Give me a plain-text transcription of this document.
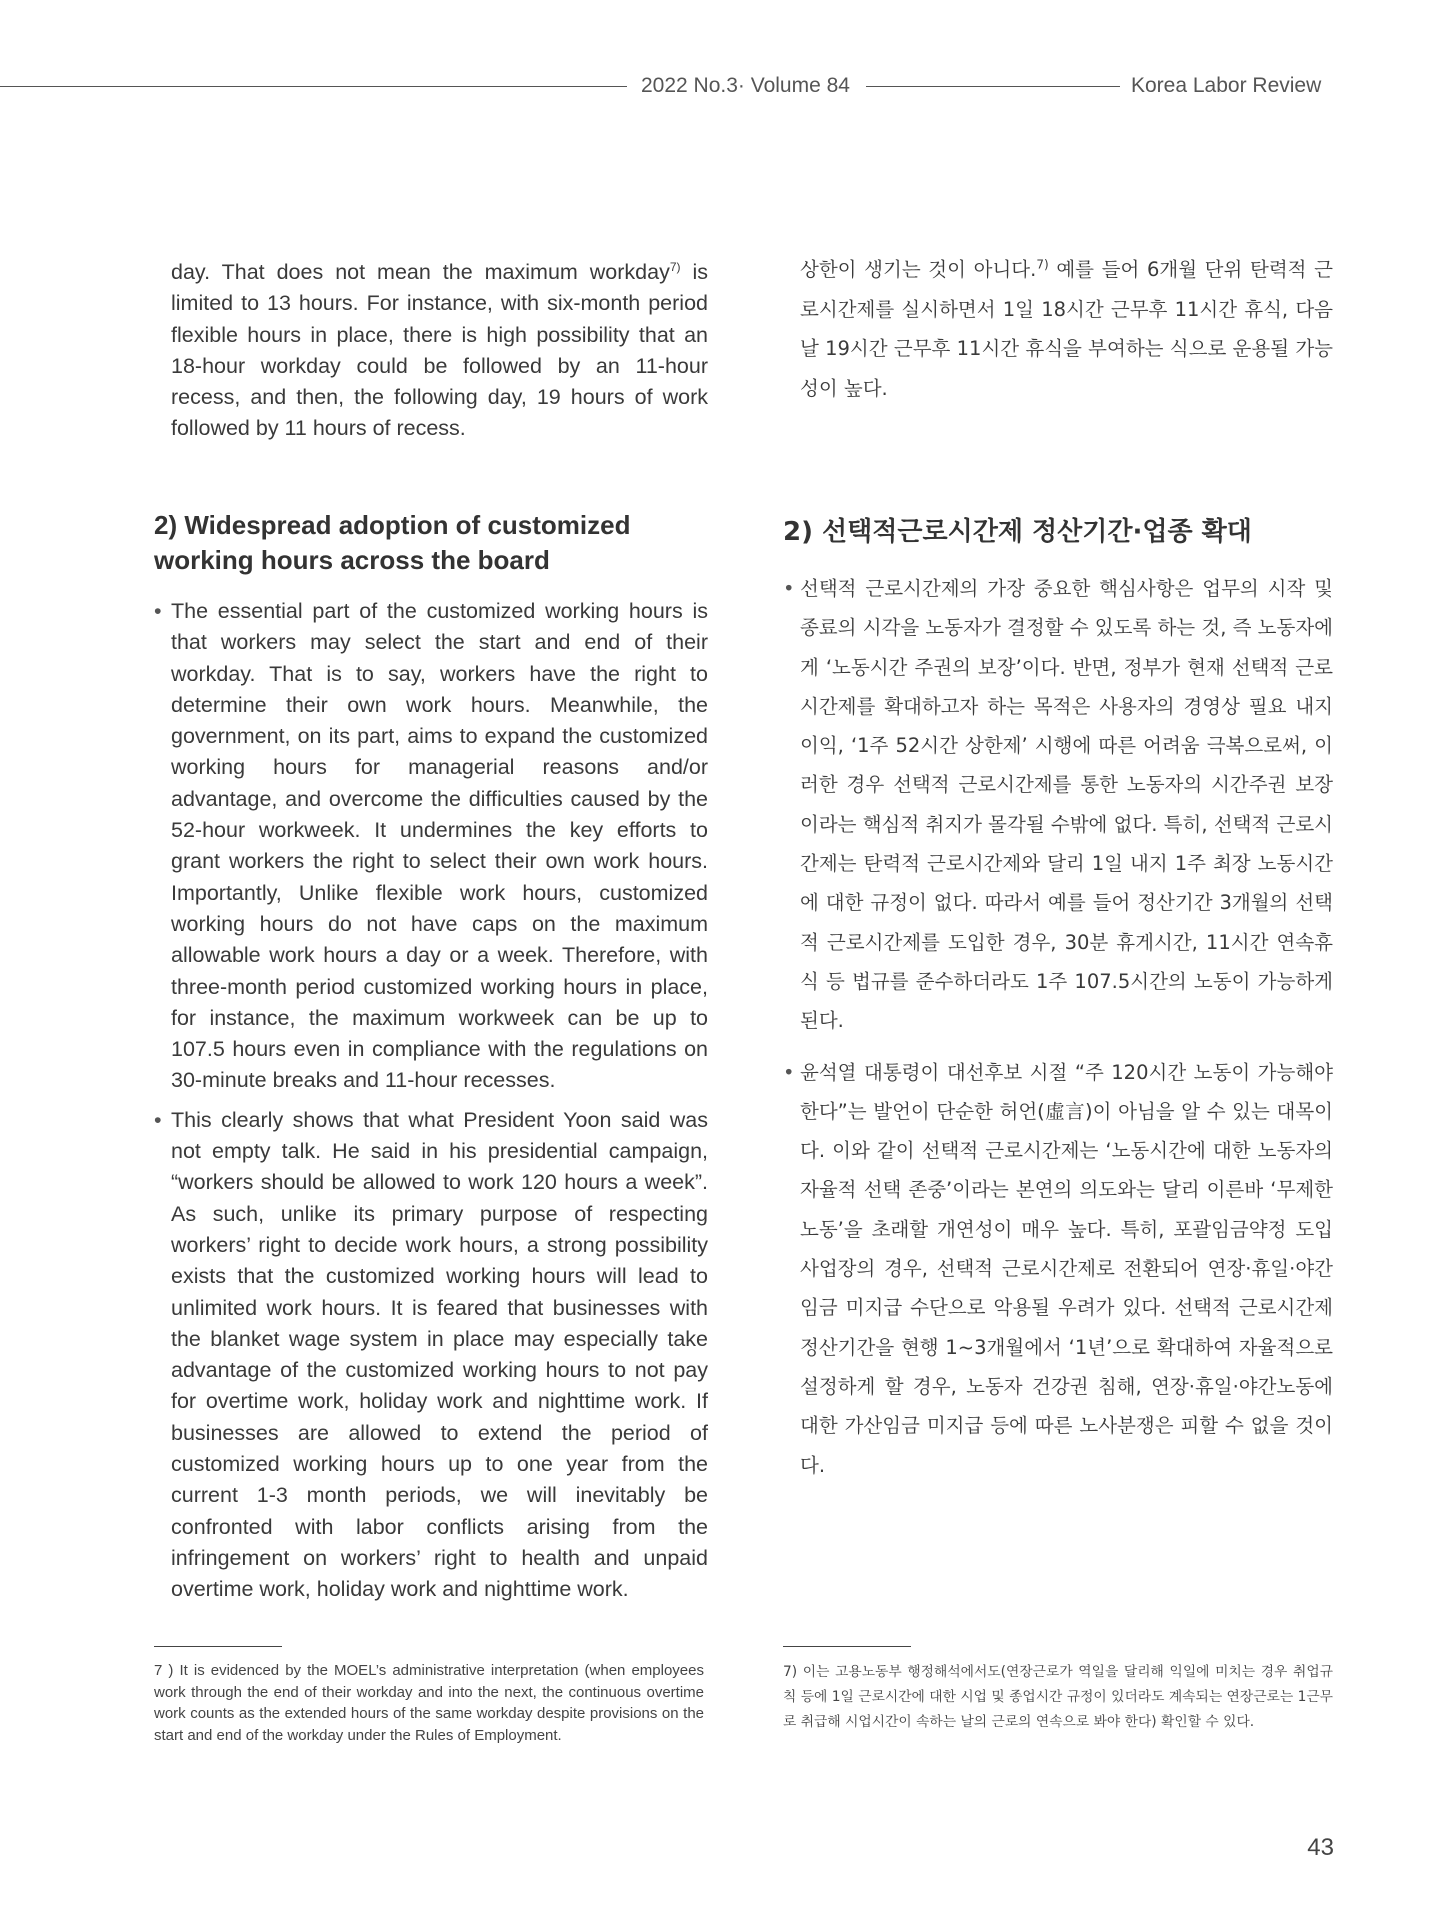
2022 No.3· Volume 84	Korea Labor Review

day. That does not mean the maximum workday$^{7)}$ is limited to 13 hours. For instance, with six-month period flexible hours in place, there is high possibility that an 18-hour workday could be followed by an 11-hour recess, and then, the following day, 19 hours of work followed by 11 hours of recess.

2) Widespread adoption of customized working hours across the board
• The essential part of the customized working hours is that workers may select the start and end of their workday. That is to say, workers have the right to determine their own work hours. Meanwhile, the government, on its part, aims to expand the customized working hours for managerial reasons and/or advantage, and overcome the difficulties caused by the 52-hour workweek. It undermines the key efforts to grant workers the right to select their own work hours. Importantly, Unlike flexible work hours, customized working hours do not have caps on the maximum allowable work hours a day or a week. Therefore, with three-month period customized working hours in place, for instance, the maximum workweek can be up to 107.5 hours even in compliance with the regulations on 30-minute breaks and 11-hour recesses.
• This clearly shows that what President Yoon said was not empty talk. He said in his presidential campaign, “workers should be allowed to work 120 hours a week”. As such, unlike its primary purpose of respecting workers’ right to decide work hours, a strong possibility exists that the customized working hours will lead to unlimited work hours. It is feared that businesses with the blanket wage system in place may especially take advantage of the customized working hours to not pay for overtime work, holiday work and nighttime work. If businesses are allowed to extend the period of customized working hours up to one year from the current 1-3 month periods, we will inevitably be confronted with labor conflicts arising from the infringement on workers’ right to health and unpaid overtime work, holiday work and nighttime work.

상한이 생기는 것이 아니다.$^{7)}$ 예를 들어 6개월 단위 탄력적 근로시간제를 실시하면서 1일 18시간 근무후 11시간 휴식, 다음날 19시간 근무후 11시간 휴식을 부여하는 식으로 운용될 가능성이 높다.

2) 선택적근로시간제 정산기간·업종 확대
• 선택적 근로시간제의 가장 중요한 핵심사항은 업무의 시작 및 종료의 시각을 노동자가 결정할 수 있도록 하는 것, 즉 노동자에게 ‘노동시간 주권의 보장’이다. 반면, 정부가 현재 선택적 근로시간제를 확대하고자 하는 목적은 사용자의 경영상 필요 내지 이익, ‘1주 52시간 상한제’ 시행에 따른 어려움 극복으로써, 이러한 경우 선택적 근로시간제를 통한 노동자의 시간주권 보장이라는 핵심적 취지가 몰각될 수밖에 없다. 특히, 선택적 근로시간제는 탄력적 근로시간제와 달리 1일 내지 1주 최장 노동시간에 대한 규정이 없다. 따라서 예를 들어 정산기간 3개월의 선택적 근로시간제를 도입한 경우, 30분 휴게시간, 11시간 연속휴식 등 법규를 준수하더라도 1주 107.5시간의 노동이 가능하게 된다.
• 윤석열 대통령이 대선후보 시절 “주 120시간 노동이 가능해야 한다”는 발언이 단순한 허언(虛言)이 아님을 알 수 있는 대목이다. 이와 같이 선택적 근로시간제는 ‘노동시간에 대한 노동자의 자율적 선택 존중’이라는 본연의 의도와는 달리 이른바 ‘무제한 노동’을 초래할 개연성이 매우 높다. 특히, 포괄임금약정 도입 사업장의 경우, 선택적 근로시간제로 전환되어 연장·휴일·야간임금 미지급 수단으로 악용될 우려가 있다. 선택적 근로시간제 정산기간을 현행 1~3개월에서 ‘1년’으로 확대하여 자율적으로 설정하게 할 경우, 노동자 건강권 침해, 연장·휴일·야간노동에 대한 가산임금 미지급 등에 따른 노사분쟁은 피할 수 없을 것이다.

7 ) It is evidenced by the MOEL’s administrative interpretation (when employees work through the end of their workday and into the next, the continuous overtime work counts as the extended hours of the same workday despite provisions on the start and end of the workday under the Rules of Employment.

7) 이는 고용노동부 행정해석에서도(연장근로가 역일을 달리해 익일에 미치는 경우 취업규칙 등에 1일 근로시간에 대한 시업 및 종업시간 규정이 있더라도 계속되는 연장근로는 1근무로 취급해 시업시간이 속하는 날의 근로의 연속으로 봐야 한다) 확인할 수 있다.

43
